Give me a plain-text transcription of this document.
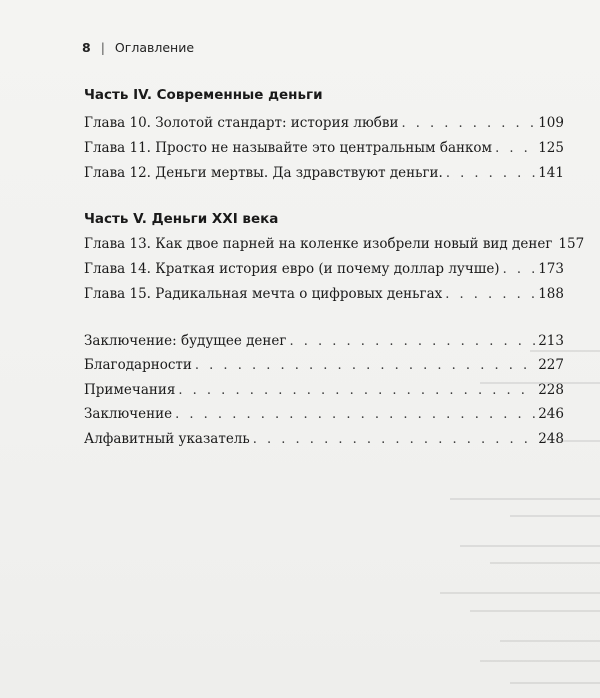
8 | Оглавление
Часть IV. Современные деньги
Глава 10. Золотой стандарт: история любви . . .	109
Глава 11. Просто не называйте это центральным банком . . .	125
Глава 12. Деньги мертвы. Да здравствуют деньги. . . .	141
Часть V. Деньги XXI века
Глава 13. Как двое парней на коленке изобрели новый вид денег 157
Глава 14. Краткая история евро (и почему доллар лучше) . . .	173
Глава 15. Радикальная мечта о цифровых деньгах . . .	188
Заключение: будущее денег . . .	213
Благодарности . . .	227
Примечания . . .	228
Заключение . . .	246
Алфавитный указатель . . .	248
